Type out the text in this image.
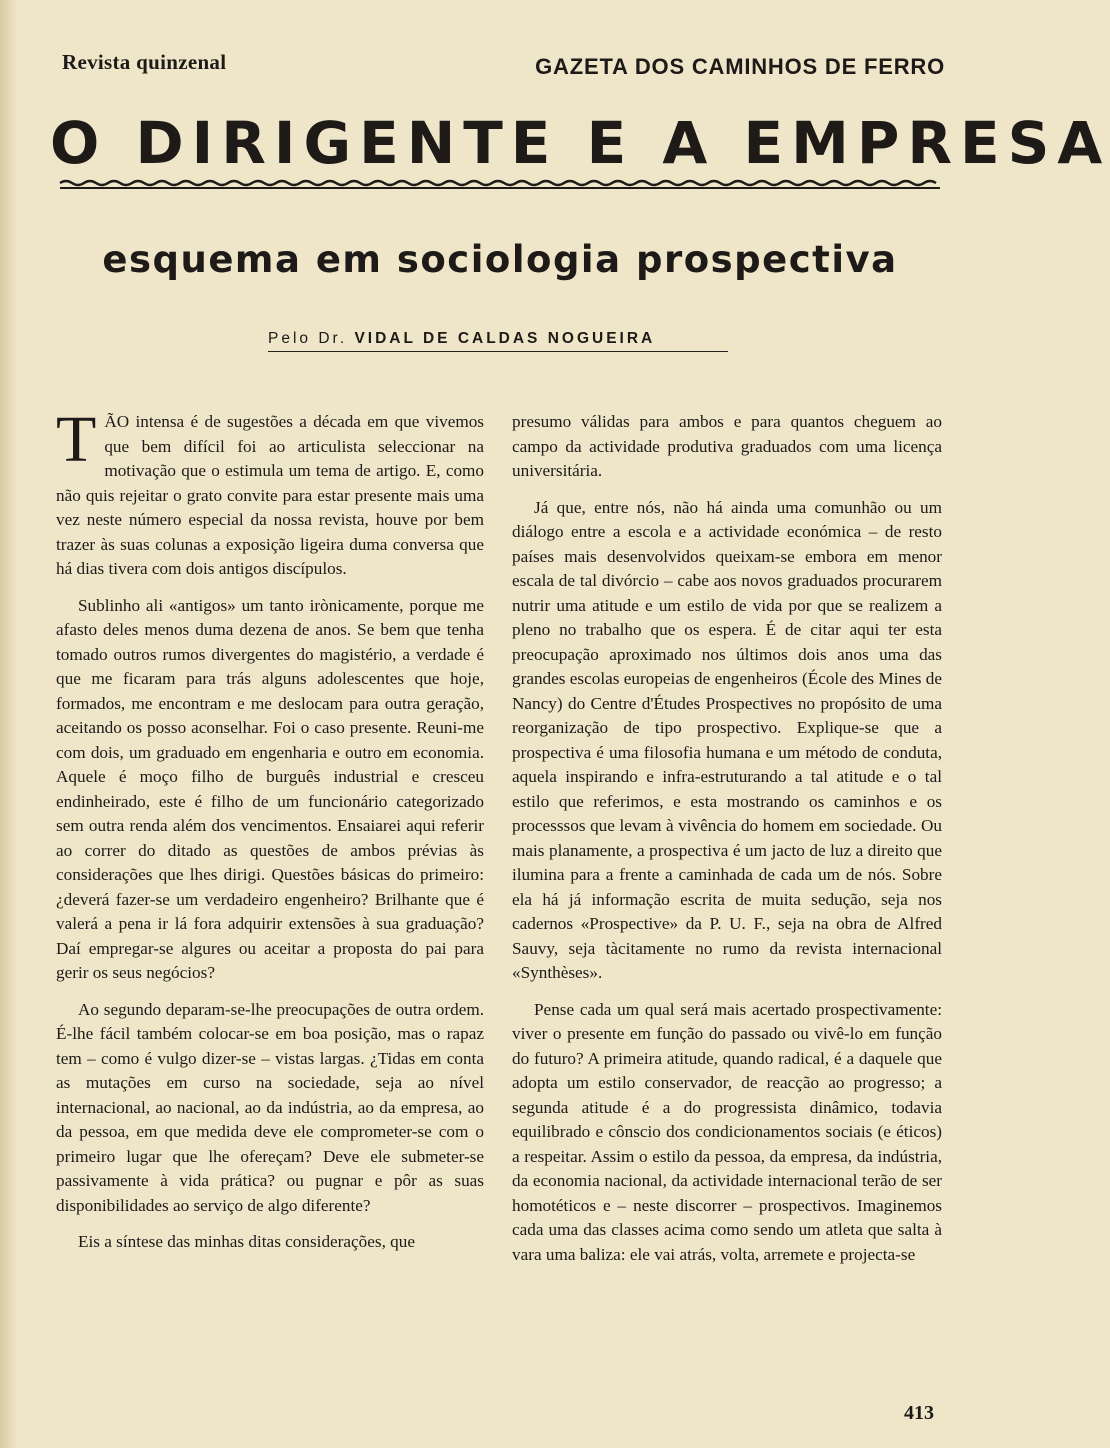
Revista quinzenal	GAZETA DOS CAMINHOS DE FERRO
O DIRIGENTE E A EMPRESA
esquema em sociologia prospectiva
Pelo Dr. VIDAL DE CALDAS NOGUEIRA

T ÃO intensa é de sugestões a década em que vivemos que bem difícil foi ao articulista seleccionar na motivação que o estimula um tema de artigo. E, como não quis rejeitar o grato convite para estar presente mais uma vez neste número especial da nossa revista, houve por bem trazer às suas colunas a exposição ligeira duma conversa que há dias tivera com dois antigos discípulos.

Sublinho ali «antigos» um tanto irònicamente, porque me afasto deles menos duma dezena de anos. Se bem que tenha tomado outros rumos divergentes do magistério, a verdade é que me ficaram para trás alguns adolescentes que hoje, formados, me encontram e me deslocam para outra geração, aceitando os posso aconselhar. Foi o caso presente. Reuni-me com dois, um graduado em engenharia e outro em economia. Aquele é moço filho de burguês industrial e cresceu endinheirado, este é filho de um funcionário categorizado sem outra renda além dos vencimentos. Ensaiarei aqui referir ao correr do ditado as questões de ambos prévias às considerações que lhes dirigi. Questões básicas do primeiro: ¿deverá fazer-se um verdadeiro engenheiro? Brilhante que é valerá a pena ir lá fora adquirir extensões à sua graduação? Daí empregar-se algures ou aceitar a proposta do pai para gerir os seus negócios?

Ao segundo deparam-se-lhe preocupações de outra ordem. É-lhe fácil também colocar-se em boa posição, mas o rapaz tem – como é vulgo dizer-se – vistas largas. ¿Tidas em conta as mutações em curso na sociedade, seja ao nível internacional, ao nacional, ao da indústria, ao da empresa, ao da pessoa, em que medida deve ele comprometer-se com o primeiro lugar que lhe ofereçam? Deve ele submeter-se passivamente à vida prática? ou pugnar e pôr as suas disponibilidades ao serviço de algo diferente?

Eis a síntese das minhas ditas considerações, que

presumo válidas para ambos e para quantos cheguem ao campo da actividade produtiva graduados com uma licença universitária.

Já que, entre nós, não há ainda uma comunhão ou um diálogo entre a escola e a actividade económica – de resto países mais desenvolvidos queixam-se embora em menor escala de tal divórcio – cabe aos novos graduados procurarem nutrir uma atitude e um estilo de vida por que se realizem a pleno no trabalho que os espera. É de citar aqui ter esta preocupação aproximado nos últimos dois anos uma das grandes escolas europeias de engenheiros (École des Mines de Nancy) do Centre d'Études Prospectives no propósito de uma reorganização de tipo prospectivo. Explique-se que a prospectiva é uma filosofia humana e um método de conduta, aquela inspirando e infra-estruturando a tal atitude e o tal estilo que referimos, e esta mostrando os caminhos e os processsos que levam à vivência do homem em sociedade. Ou mais planamente, a prospectiva é um jacto de luz a direito que ilumina para a frente a caminhada de cada um de nós. Sobre ela há já informação escrita de muita sedução, seja nos cadernos «Prospective» da P. U. F., seja na obra de Alfred Sauvy, seja tàcitamente no rumo da revista internacional «Synthèses».

Pense cada um qual será mais acertado prospectivamente: viver o presente em função do passado ou vivê-lo em função do futuro? A primeira atitude, quando radical, é a daquele que adopta um estilo conservador, de reacção ao progresso; a segunda atitude é a do progressista dinâmico, todavia equilibrado e cônscio dos condicionamentos sociais (e éticos) a respeitar. Assim o estilo da pessoa, da empresa, da indústria, da economia nacional, da actividade internacional terão de ser homotéticos e – neste discorrer – prospectivos. Imaginemos cada uma das classes acima como sendo um atleta que salta à vara uma baliza: ele vai atrás, volta, arremete e projecta-se

413
